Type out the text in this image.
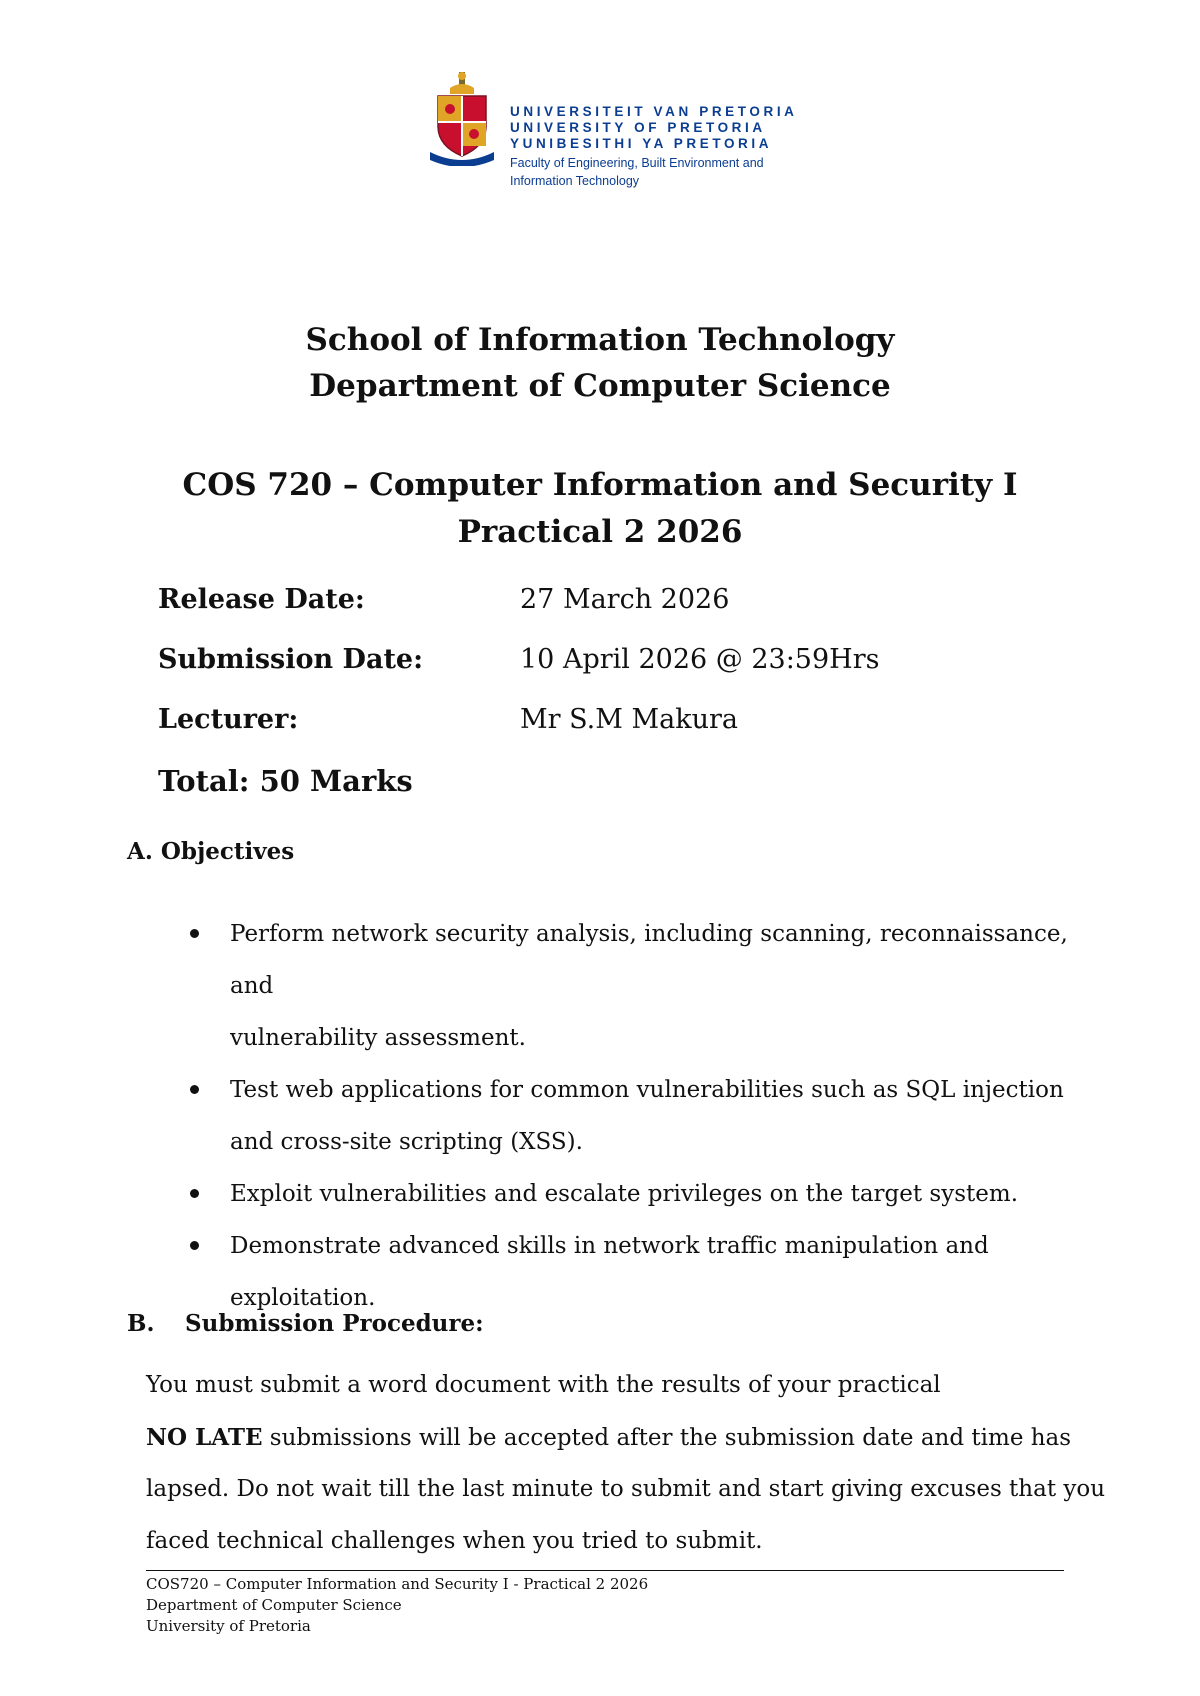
UNIVERSITEIT VAN PRETORIA
UNIVERSITY OF PRETORIA
YUNIBESITHI YA PRETORIA
Faculty of Engineering, Built Environment and
Information Technology
School of Information Technology
Department of Computer Science
COS 720 – Computer Information and Security I
Practical 2 2026
Release Date:	27 March 2026
Submission Date:	10 April 2026 @ 23:59Hrs
Lecturer:	Mr S.M Makura
Total: 50 Marks
A. Objectives
Perform network security analysis, including scanning, reconnaissance, and
vulnerability assessment.
Test web applications for common vulnerabilities such as SQL injection
and cross-site scripting (XSS).
Exploit vulnerabilities and escalate privileges on the target system.
Demonstrate advanced skills in network traffic manipulation and
exploitation.
B. Submission Procedure:
You must submit a word document with the results of your practical
NO LATE submissions will be accepted after the submission date and time has
lapsed. Do not wait till the last minute to submit and start giving excuses that you
faced technical challenges when you tried to submit.
COS720 – Computer Information and Security I - Practical 2 2026
Department of Computer Science
University of Pretoria
